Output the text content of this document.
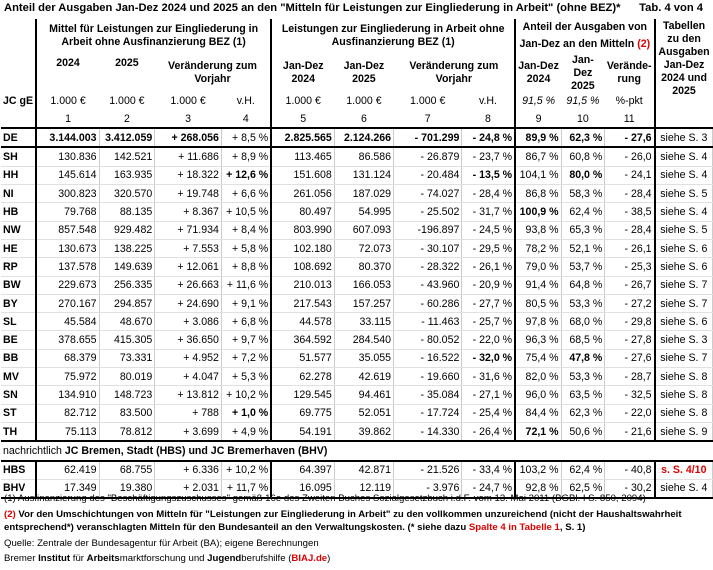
Anteil der Ausgaben Jan-Dez 2024 und 2025 an den "Mitteln für Leistungen zur Eingliederung in Arbeit" (ohne BEZ)* Tab. 4 von 4
	Mittel für Leistungen zur Eingliederung in Arbeit ohne Ausfinanzierung BEZ (1)				Leistungen zur Eingliederung in Arbeit ohne Ausfinanzierung BEZ (1)				Anteil der Ausgaben von			Tabellen zu den Ausgaben Jan-Dez 2024 und 2025
									Jan-Dez an den Mitteln (2)			
	2024	2025	Veränderung zum Vorjahr		Jan-Dez 2024	Jan-Dez 2025	Veränderung zum Vorjahr		Jan-Dez 2024	Jan-Dez 2025	Verände-rung	

JC gE	1.000 €	1.000 €	1.000 €	v.H.	1.000 €	1.000 €	1.000 €	v.H.	91,5 %	91,5 %	%-pkt	
	1	2	3	4	5	6	7	8	9	10	11	
DE	3.144.003	3.412.059	+ 268.056	+ 8,5 %	2.825.565	2.124.266	- 701.299	- 24,8 %	89,9 %	62,3 %	- 27,6	siehe S. 3
SH	130.836	142.521	+ 11.686	+ 8,9 %	113.465	86.586	- 26.879	- 23,7 %	86,7 %	60,8 %	- 26,0	siehe S. 4
HH	145.614	163.935	+ 18.322	+ 12,6 %	151.608	131.124	- 20.484	- 13,5 %	104,1 %	80,0 %	- 24,1	siehe S. 4
NI	300.823	320.570	+ 19.748	+ 6,6 %	261.056	187.029	- 74.027	- 28,4 %	86,8 %	58,3 %	- 28,4	siehe S. 5
HB	79.768	88.135	+ 8.367	+ 10,5 %	80.497	54.995	- 25.502	- 31,7 %	100,9 %	62,4 %	- 38,5	siehe S. 4
NW	857.548	929.482	+ 71.934	+ 8,4 %	803.990	607.093	-196.897	- 24,5 %	93,8 %	65,3 %	- 28,4	siehe S. 5
HE	130.673	138.225	+ 7.553	+ 5,8 %	102.180	72.073	- 30.107	- 29,5 %	78,2 %	52,1 %	- 26,1	siehe S. 6
RP	137.578	149.639	+ 12.061	+ 8,8 %	108.692	80.370	- 28.322	- 26,1 %	79,0 %	53,7 %	- 25,3	siehe S. 6
BW	229.673	256.335	+ 26.663	+ 11,6 %	210.013	166.053	- 43.960	- 20,9 %	91,4 %	64,8 %	- 26,7	siehe S. 7
BY	270.167	294.857	+ 24.690	+ 9,1 %	217.543	157.257	- 60.286	- 27,7 %	80,5 %	53,3 %	- 27,2	siehe S. 7
SL	45.584	48.670	+ 3.086	+ 6,8 %	44.578	33.115	- 11.463	- 25,7 %	97,8 %	68,0 %	- 29,8	siehe S. 6
BE	378.655	415.305	+ 36.650	+ 9,7 %	364.592	284.540	- 80.052	- 22,0 %	96,3 %	68,5 %	- 27,8	siehe S. 3
BB	68.379	73.331	+ 4.952	+ 7,2 %	51.577	35.055	- 16.522	- 32,0 %	75,4 %	47,8 %	- 27,6	siehe S. 7
MV	75.972	80.019	+ 4.047	+ 5,3 %	62.278	42.619	- 19.660	- 31,6 %	82,0 %	53,3 %	- 28,7	siehe S. 8
SN	134.910	148.723	+ 13.812	+ 10,2 %	129.545	94.461	- 35.084	- 27,1 %	96,0 %	63,5 %	- 32,5	siehe S. 8
ST	82.712	83.500	+ 788	+ 1,0 %	69.775	52.051	- 17.724	- 25,4 %	84,4 %	62,3 %	- 22,0	siehe S. 8
TH	75.113	78.812	+ 3.699	+ 4,9 %	54.191	39.862	- 14.330	- 26,4 %	72,1 %	50,6 %	- 21,6	siehe S. 9
nachrichtlich JC Bremen, Stadt (HBS) und JC Bremerhaven (BHV)												
HBS	62.419	68.755	+ 6.336	+ 10,2 %	64.397	42.871	- 21.526	- 33,4 %	103,2 %	62,4 %	- 40,8	s. S. 4/10
BHV	17.349	19.380	+ 2.031	+ 11,7 %	16.095	12.119	- 3.976	- 24,7 %	92,8 %	62,5 %	- 30,2	siehe S. 4
(1) Ausfinanzierung des "Beschäftigungszuschusses" gemäß 16e des Zweiten Buches Sozialgesetzbuch i.d.F. vom 13. Mai 2011 (BGBl. I S. 850, 2094)
(2) Vor den Umschichtungen von Mitteln für "Leistungen zur Eingliederung in Arbeit" zu den vollkommen unzureichend (nicht der Haushaltswahrheit
entsprechend*) veranschlagten Mitteln für den Bundesanteil an den Verwaltungskosten. (* siehe dazu Spalte 4 in Tabelle 1, S. 1)
Quelle: Zentrale der Bundesagentur für Arbeit (BA); eigene Berechnungen
Bremer Institut für Arbeitsmarktforschung und Jugendberufshilfe (BIAJ.de)
